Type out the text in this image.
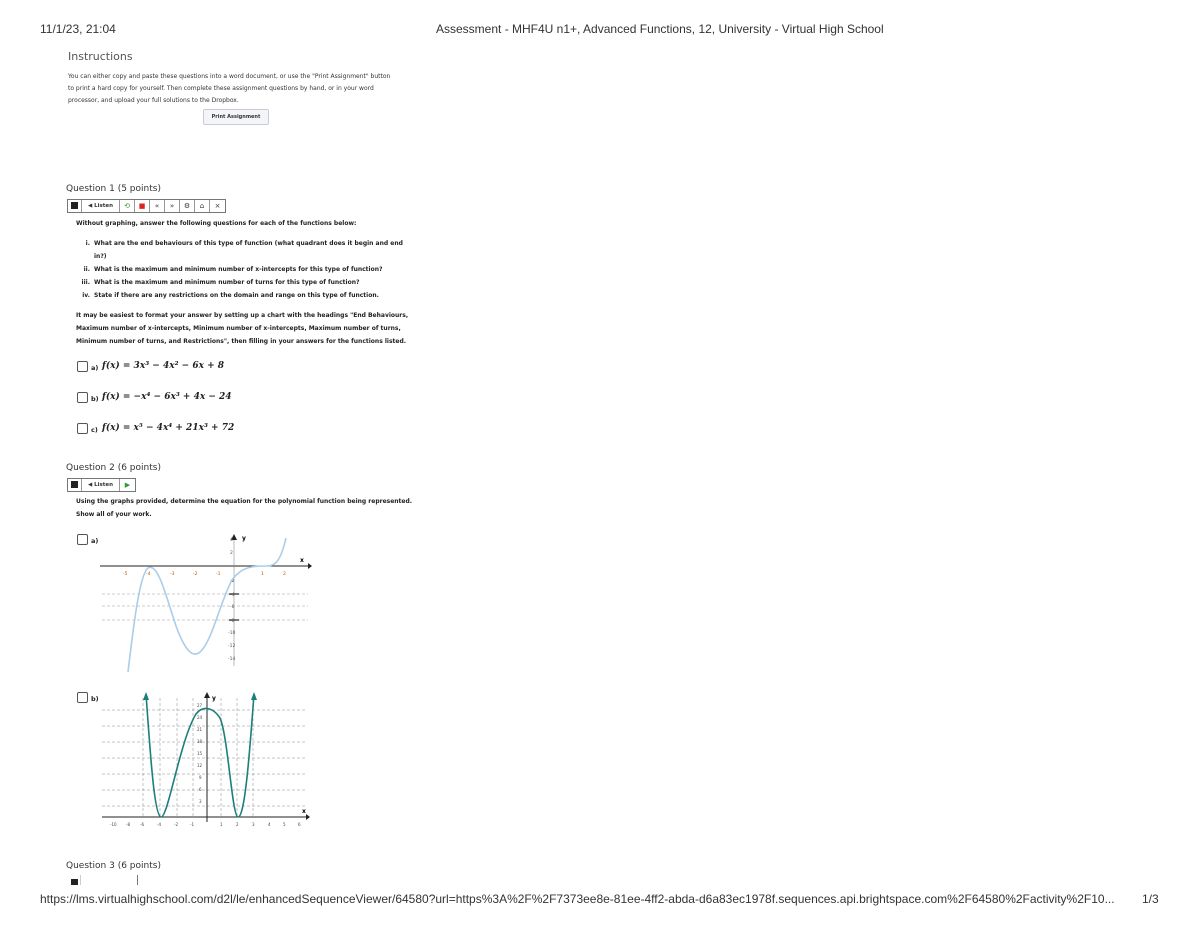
11/1/23, 21:04	Assessment - MHF4U n1+, Advanced Functions, 12, University - Virtual High School
Instructions
You can either copy and paste these questions into a word document, or use the "Print Assignment" button to print a hard copy for yourself. Then complete these assignment questions by hand, or in your word processor, and upload your full solutions to the Dropbox.
Print Assignment
Question 1 (5 points)
◀︎ Listen	⟲	■	«	»	⚙	⌂	×
Without graphing, answer the following questions for each of the functions below:
i. What are the end behaviours of this type of function (what quadrant does it begin and end
in?)
ii. What is the maximum and minimum number of x-intercepts for this type of function?
iii. What is the maximum and minimum number of turns for this type of function?
iv. State if there are any restrictions on the domain and range on this type of function.
It may be easiest to format your answer by setting up a chart with the headings "End Behaviours,
Maximum number of x-intercepts, Minimum number of x-intercepts, Maximum number of turns,
Minimum number of turns, and Restrictions", then filling in your answers for the functions listed.
a) f(x) = 3x³ − 4x² − 6x + 8
b) f(x) = −x⁴ − 6x³ + 4x − 24
c) f(x) = x⁵ − 4x⁴ + 21x³ + 72
Question 2 (6 points)
◀︎ Listen	▶
Using the graphs provided, determine the equation for the polynomial function being represented.
Show all of your work.
a)	y
x
-5	-4	-3	-2	-1	1	2
4
2
-2
-4
-6
-8
-10
-12
-14
b)	y
x
27
24
21
18
15
12
9
6
3
-10 -8	-6	-4	-2	-1	1	2	3	4	5	6
Question 3 (6 points)
https://lms.virtualhighschool.com/d2l/le/enhancedSequenceViewer/64580?url=https%3A%2F%2F7373ee8e-81ee-4ff2-abda-d6a83ec1978f.sequences.api.brightspace.com%2F64580%2Factivity%2F10... 1/3
